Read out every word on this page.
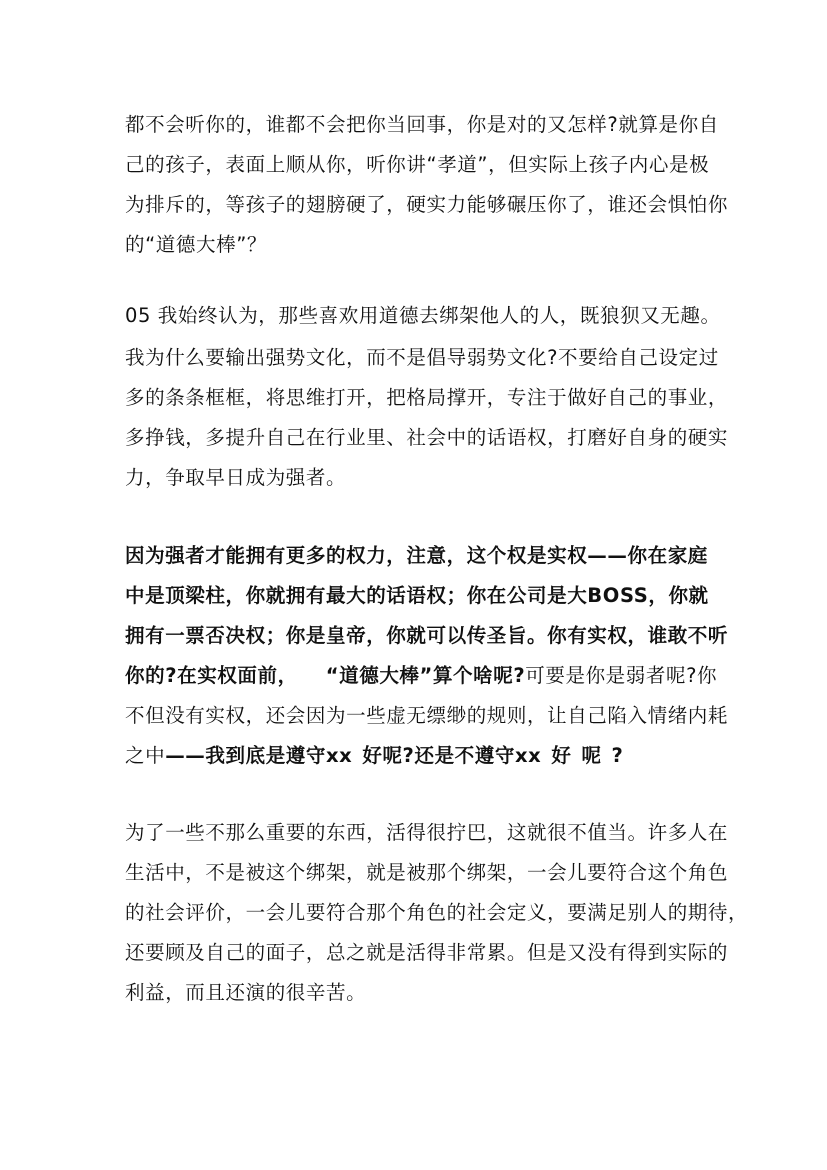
都不会听你的，谁都不会把你当回事，你是对的又怎样?就算是你自
己的孩子，表面上顺从你，听你讲“孝道”，但实际上孩子内心是极
为排斥的，等孩子的翅膀硬了，硬实力能够碾压你了，谁还会惧怕你
的“道德大棒”？
05 我始终认为，那些喜欢用道德去绑架他人的人，既狼狈又无趣。
我为什么要输出强势文化，而不是倡导弱势文化?不要给自己设定过
多的条条框框，将思维打开，把格局撑开，专注于做好自己的事业，
多挣钱，多提升自己在行业里、社会中的话语权，打磨好自身的硬实
力，争取早日成为强者。
因为强者才能拥有更多的权力，注意，这个权是实权——你在家庭
中是顶梁柱，你就拥有最大的话语权；你在公司是大BOSS，你就
拥有一票否决权；你是皇帝，你就可以传圣旨。你有实权，谁敢不听
你的?在实权面前， “道德大棒”算个啥呢?可要是你是弱者呢?你
不但没有实权，还会因为一些虚无缥缈的规则，让自己陷入情绪内耗
之中——我到底是遵守xx 好呢?还是不遵守xx 好 呢 ?
为了一些不那么重要的东西，活得很拧巴，这就很不值当。许多人在
生活中，不是被这个绑架，就是被那个绑架，一会儿要符合这个角色
的社会评价，一会儿要符合那个角色的社会定义，要满足别人的期待，
还要顾及自己的面子，总之就是活得非常累。但是又没有得到实际的
利益，而且还演的很辛苦。
